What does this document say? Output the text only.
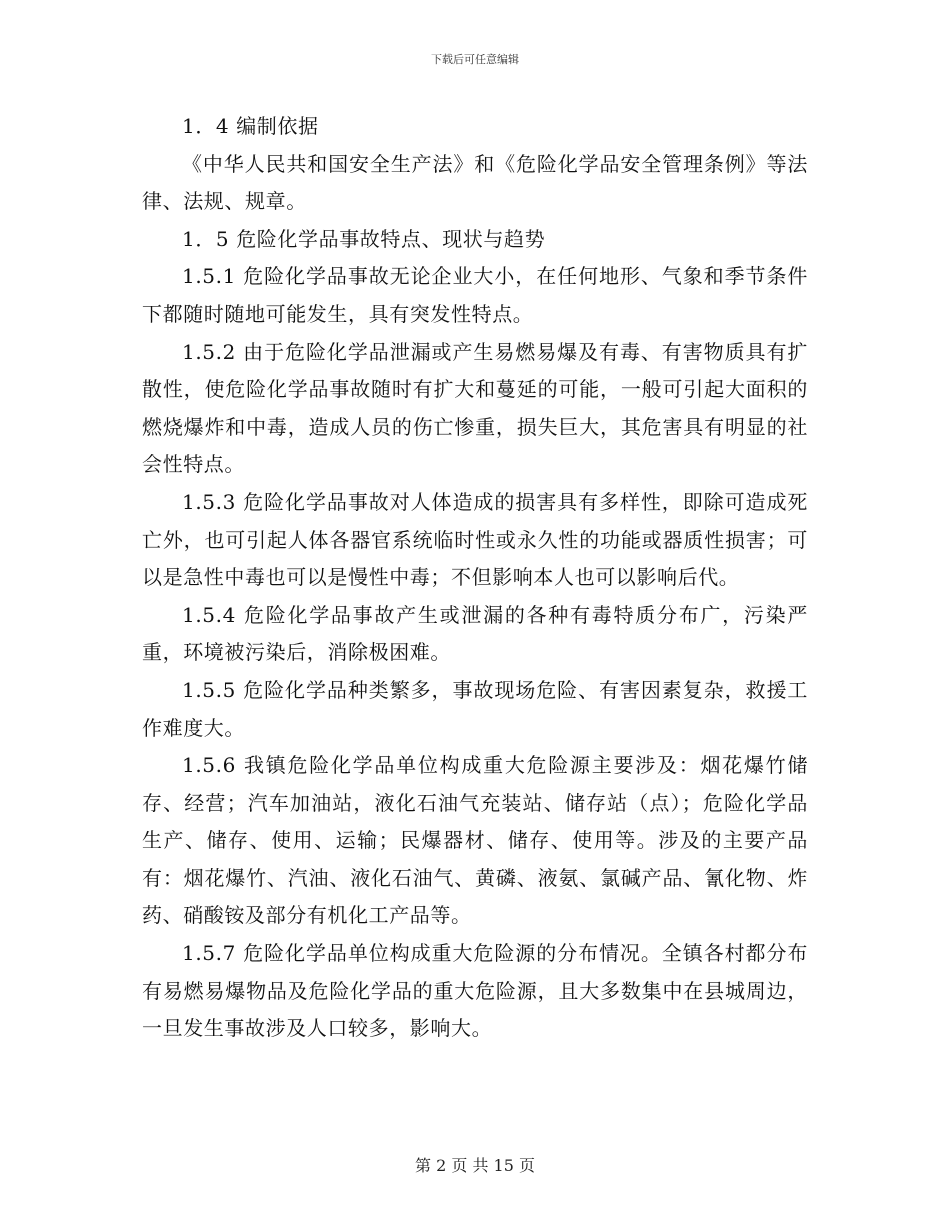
下载后可任意编辑

1．4 编制依据

《中华人民共和国安全生产法》和《危险化学品安全管理条例》等法律、法规、规章。

1．5 危险化学品事故特点、现状与趋势

1.5.1 危险化学品事故无论企业大小，在任何地形、气象和季节条件下都随时随地可能发生，具有突发性特点。

1.5.2 由于危险化学品泄漏或产生易燃易爆及有毒、有害物质具有扩散性，使危险化学品事故随时有扩大和蔓延的可能，一般可引起大面积的燃烧爆炸和中毒，造成人员的伤亡惨重，损失巨大，其危害具有明显的社会性特点。

1.5.3 危险化学品事故对人体造成的损害具有多样性，即除可造成死亡外，也可引起人体各器官系统临时性或永久性的功能或器质性损害；可以是急性中毒也可以是慢性中毒；不但影响本人也可以影响后代。

1.5.4 危险化学品事故产生或泄漏的各种有毒特质分布广，污染严重，环境被污染后，消除极困难。

1.5.5 危险化学品种类繁多，事故现场危险、有害因素复杂，救援工作难度大。

1.5.6 我镇危险化学品单位构成重大危险源主要涉及：烟花爆竹储存、经营；汽车加油站，液化石油气充装站、储存站（点）；危险化学品生产、储存、使用、运输；民爆器材、储存、使用等。涉及的主要产品有：烟花爆竹、汽油、液化石油气、黄磷、液氨、氯碱产品、氰化物、炸药、硝酸铵及部分有机化工产品等。

1.5.7 危险化学品单位构成重大危险源的分布情况。全镇各村都分布有易燃易爆物品及危险化学品的重大危险源，且大多数集中在县城周边，一旦发生事故涉及人口较多，影响大。

第 2 页 共 15 页
